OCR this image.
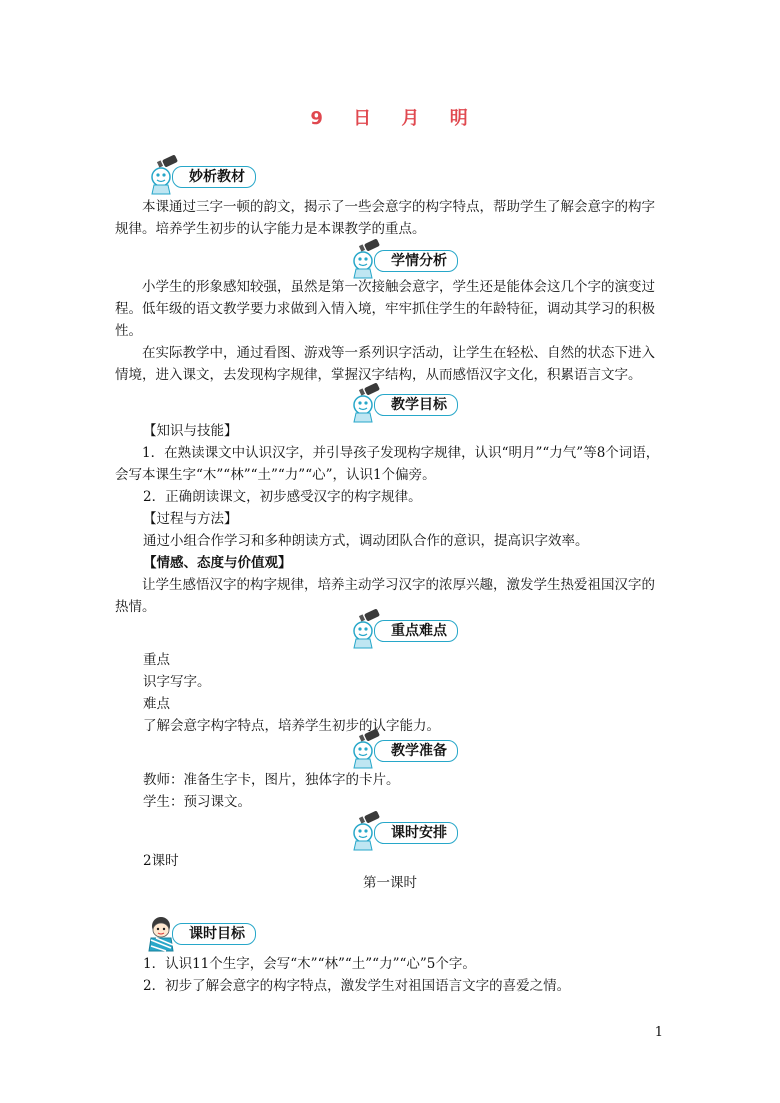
9 日 月 明
妙析教材
本课通过三字一顿的韵文，揭示了一些会意字的构字特点，帮助学生了解会意字的构字规律。培养学生初步的认字能力是本课教学的重点。
学情分析
小学生的形象感知较强，虽然是第一次接触会意字，学生还是能体会这几个字的演变过程。低年级的语文教学要力求做到入情入境，牢牢抓住学生的年龄特征，调动其学习的积极性。
在实际教学中，通过看图、游戏等一系列识字活动，让学生在轻松、自然的状态下进入情境，进入课文，去发现构字规律，掌握汉字结构，从而感悟汉字文化，积累语言文字。
教学目标
【知识与技能】
1．在熟读课文中认识汉字，并引导孩子发现构字规律，认识“明月”“力气”等8个词语，会写本课生字“木”“林”“土”“力”“心”，认识1个偏旁。
2．正确朗读课文，初步感受汉字的构字规律。
【过程与方法】
通过小组合作学习和多种朗读方式，调动团队合作的意识，提高识字效率。
【情感、态度与价值观】
让学生感悟汉字的构字规律，培养主动学习汉字的浓厚兴趣，激发学生热爱祖国汉字的热情。
重点难点
重点
识字写字。
难点
了解会意字构字特点，培养学生初步的认字能力。
教学准备
教师：准备生字卡，图片，独体字的卡片。
学生：预习课文。
课时安排
2课时
第一课时
课时目标
1．认识11个生字，会写“木”“林”“土”“力”“心”5个字。
2．初步了解会意字的构字特点，激发学生对祖国语言文字的喜爱之情。
1
